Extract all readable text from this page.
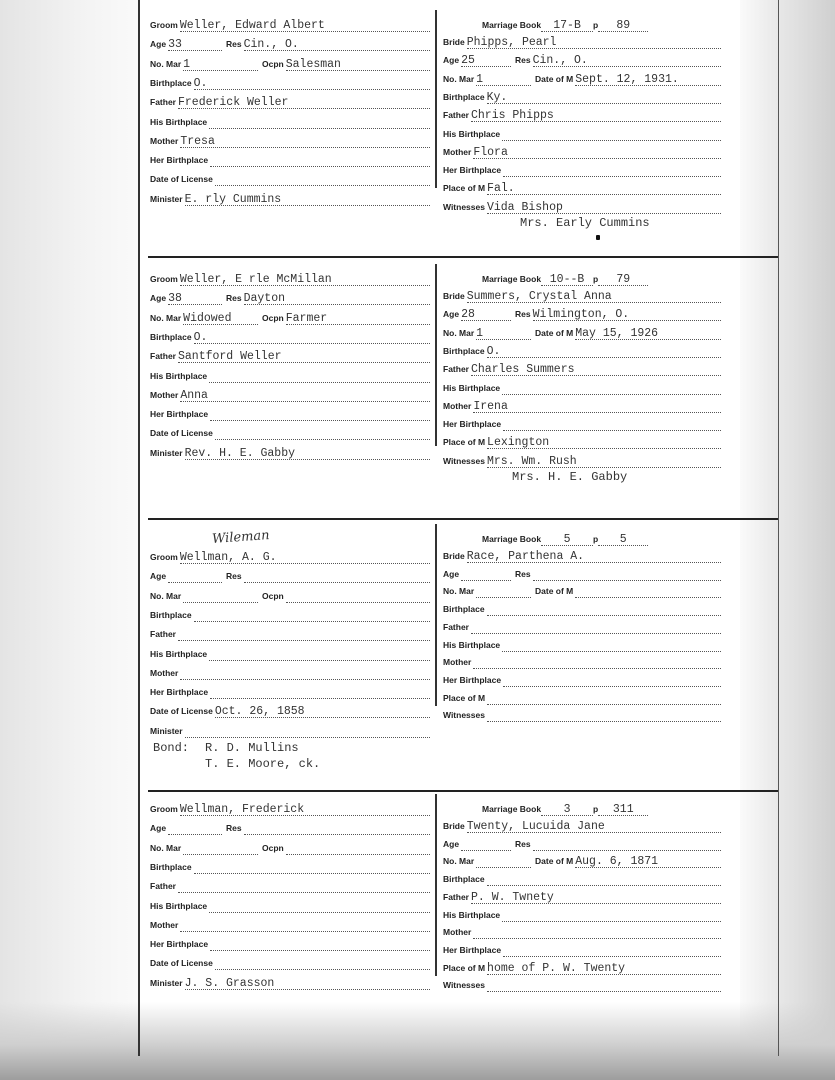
Groom Weller, Edward Albert
Age 33	Res Cin., O.
No. Mar 1	Ocpn Salesman
Birthplace O.
Father Frederick Weller
His Birthplace
Mother Tresa
Her Birthplace
Date of License
Minister E. rly Cummins
Marriage Book 17-B p 89
Bride Phipps, Pearl
Age 25	Res Cin., O.
No. Mar 1	Date of M Sept. 12, 1931.
Birthplace Ky.
Father Chris Phipps
His Birthplace
Mother Flora
Her Birthplace
Place of M Fal.
Witnesses Vida Bishop
Mrs. Early Cummins
Groom Weller, E rle McMillan
Age 38	Res Dayton
No. Mar Widowed	Ocpn Farmer
Birthplace O.
Father Santford Weller
His Birthplace
Mother Anna
Her Birthplace
Date of License
Minister Rev. H. E. Gabby
Marriage Book 10--B p 79
Bride Summers, Crystal Anna
Age 28	Res Wilmington, O.
No. Mar 1	Date of M May 15, 1926
Birthplace O.
Father Charles Summers
His Birthplace
Mother Irena
Her Birthplace
Place of M Lexington
Witnesses Mrs. Wm. Rush
Mrs. H. E. Gabby
Groom Wellman, A. G.
Age	Res
No. Mar	Ocpn
Birthplace
Father
His Birthplace
Mother
Her Birthplace
Date of License Oct. 26, 1858
Minister
Marriage Book 5	p 5
Bride Race, Parthena A.
Age	Res
No. Mar	Date of M
Birthplace
Father
His Birthplace
Mother
Her Birthplace
Place of M
Witnesses
Wileman
Bond: R. D. Mullins
T. E. Moore, ck.
Groom Wellman, Frederick
Age	Res
No. Mar	Ocpn
Birthplace
Father
His Birthplace
Mother
Her Birthplace
Date of License
Minister J. S. Grasson
Marriage Book 3	p 311
Bride Twenty, Lucuida Jane
Age	Res
No. Mar	Date of M Aug. 6, 1871
Birthplace
Father P. W. Twnety
His Birthplace
Mother
Her Birthplace
Place of M home of P. W. Twenty
Witnesses
